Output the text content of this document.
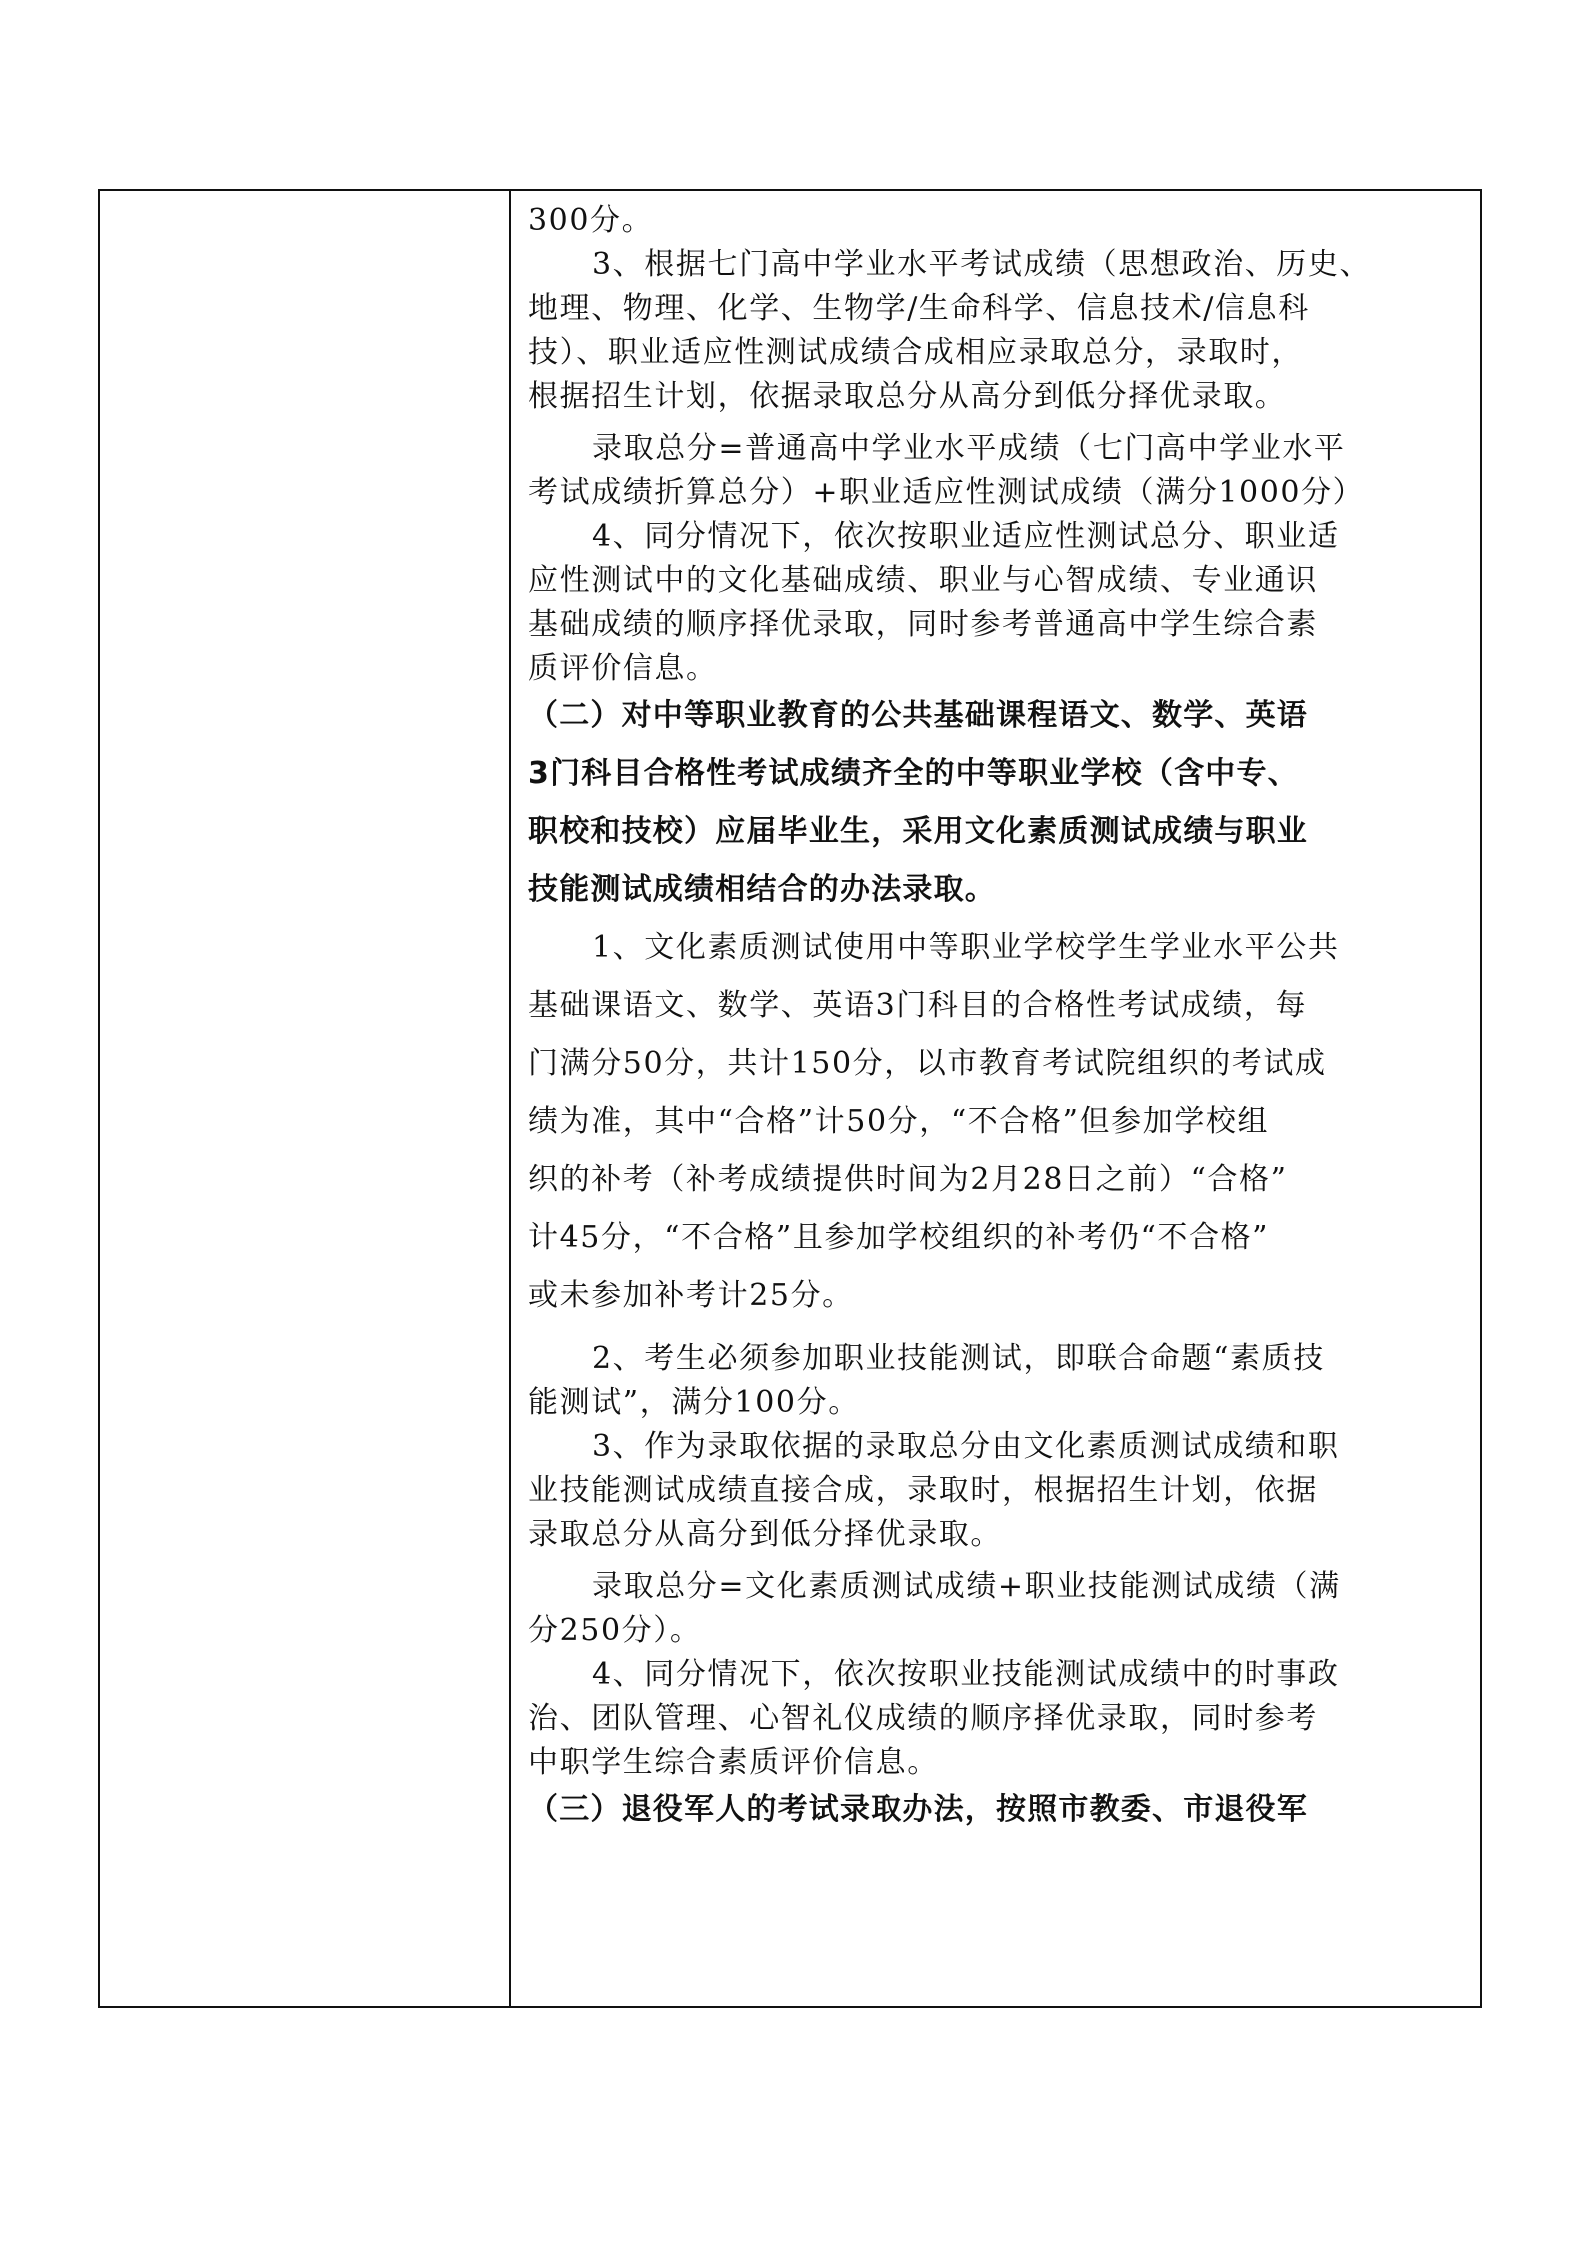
300分。
3、根据七门高中学业水平考试成绩（思想政治、历史、
地理、物理、化学、生物学/生命科学、信息技术/信息科
技）、职业适应性测试成绩合成相应录取总分，录取时，
根据招生计划，依据录取总分从高分到低分择优录取。
录取总分=普通高中学业水平成绩（七门高中学业水平
考试成绩折算总分）+职业适应性测试成绩（满分1000分）
4、同分情况下，依次按职业适应性测试总分、职业适
应性测试中的文化基础成绩、职业与心智成绩、专业通识
基础成绩的顺序择优录取，同时参考普通高中学生综合素
质评价信息。
（二）对中等职业教育的公共基础课程语文、数学、英语
3门科目合格性考试成绩齐全的中等职业学校（含中专、
职校和技校）应届毕业生，采用文化素质测试成绩与职业
技能测试成绩相结合的办法录取。
1、文化素质测试使用中等职业学校学生学业水平公共
基础课语文、数学、英语3门科目的合格性考试成绩，每
门满分50分，共计150分，以市教育考试院组织的考试成
绩为准，其中“合格”计50分，“不合格”但参加学校组
织的补考（补考成绩提供时间为2月28日之前）“合格”
计45分，“不合格”且参加学校组织的补考仍“不合格”
或未参加补考计25分。
2、考生必须参加职业技能测试，即联合命题“素质技
能测试”，满分100分。
3、作为录取依据的录取总分由文化素质测试成绩和职
业技能测试成绩直接合成，录取时，根据招生计划，依据
录取总分从高分到低分择优录取。
录取总分=文化素质测试成绩+职业技能测试成绩（满
分250分）。
4、同分情况下，依次按职业技能测试成绩中的时事政
治、团队管理、心智礼仪成绩的顺序择优录取，同时参考
中职学生综合素质评价信息。
（三）退役军人的考试录取办法，按照市教委、市退役军
